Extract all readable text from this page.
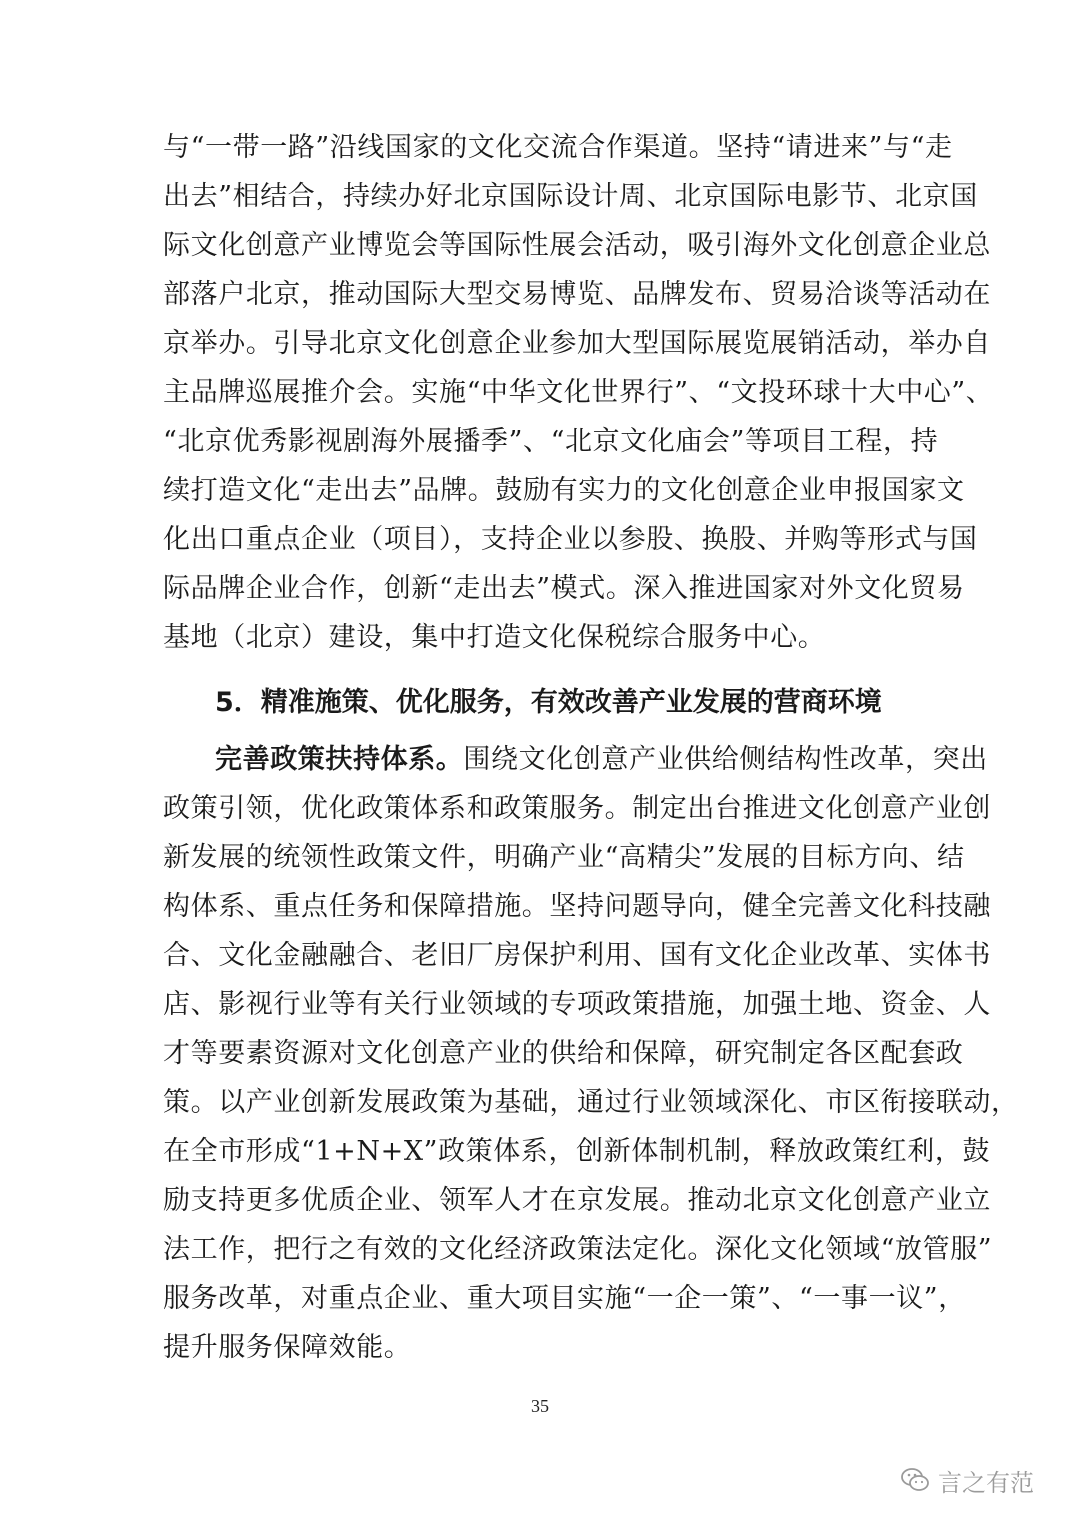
与“一带一路”沿线国家的文化交流合作渠道。坚持“请进来”与“走
出去”相结合，持续办好北京国际设计周、北京国际电影节、北京国
际文化创意产业博览会等国际性展会活动，吸引海外文化创意企业总
部落户北京，推动国际大型交易博览、品牌发布、贸易洽谈等活动在
京举办。引导北京文化创意企业参加大型国际展览展销活动，举办自
主品牌巡展推介会。实施“中华文化世界行”、“文投环球十大中心”、
“北京优秀影视剧海外展播季”、“北京文化庙会”等项目工程，持
续打造文化“走出去”品牌。鼓励有实力的文化创意企业申报国家文
化出口重点企业（项目），支持企业以参股、换股、并购等形式与国
际品牌企业合作，创新“走出去”模式。深入推进国家对外文化贸易
基地（北京）建设，集中打造文化保税综合服务中心。
5．精准施策、优化服务，有效改善产业发展的营商环境
完善政策扶持体系。围绕文化创意产业供给侧结构性改革，突出
政策引领，优化政策体系和政策服务。制定出台推进文化创意产业创
新发展的统领性政策文件，明确产业“高精尖”发展的目标方向、结
构体系、重点任务和保障措施。坚持问题导向，健全完善文化科技融
合、文化金融融合、老旧厂房保护利用、国有文化企业改革、实体书
店、影视行业等有关行业领域的专项政策措施，加强土地、资金、人
才等要素资源对文化创意产业的供给和保障，研究制定各区配套政
策。以产业创新发展政策为基础，通过行业领域深化、市区衔接联动，
在全市形成“1+N+X”政策体系，创新体制机制，释放政策红利，鼓
励支持更多优质企业、领军人才在京发展。推动北京文化创意产业立
法工作，把行之有效的文化经济政策法定化。深化文化领域“放管服”
服务改革，对重点企业、重大项目实施“一企一策”、“一事一议”，
提升服务保障效能。
35
言之有范
